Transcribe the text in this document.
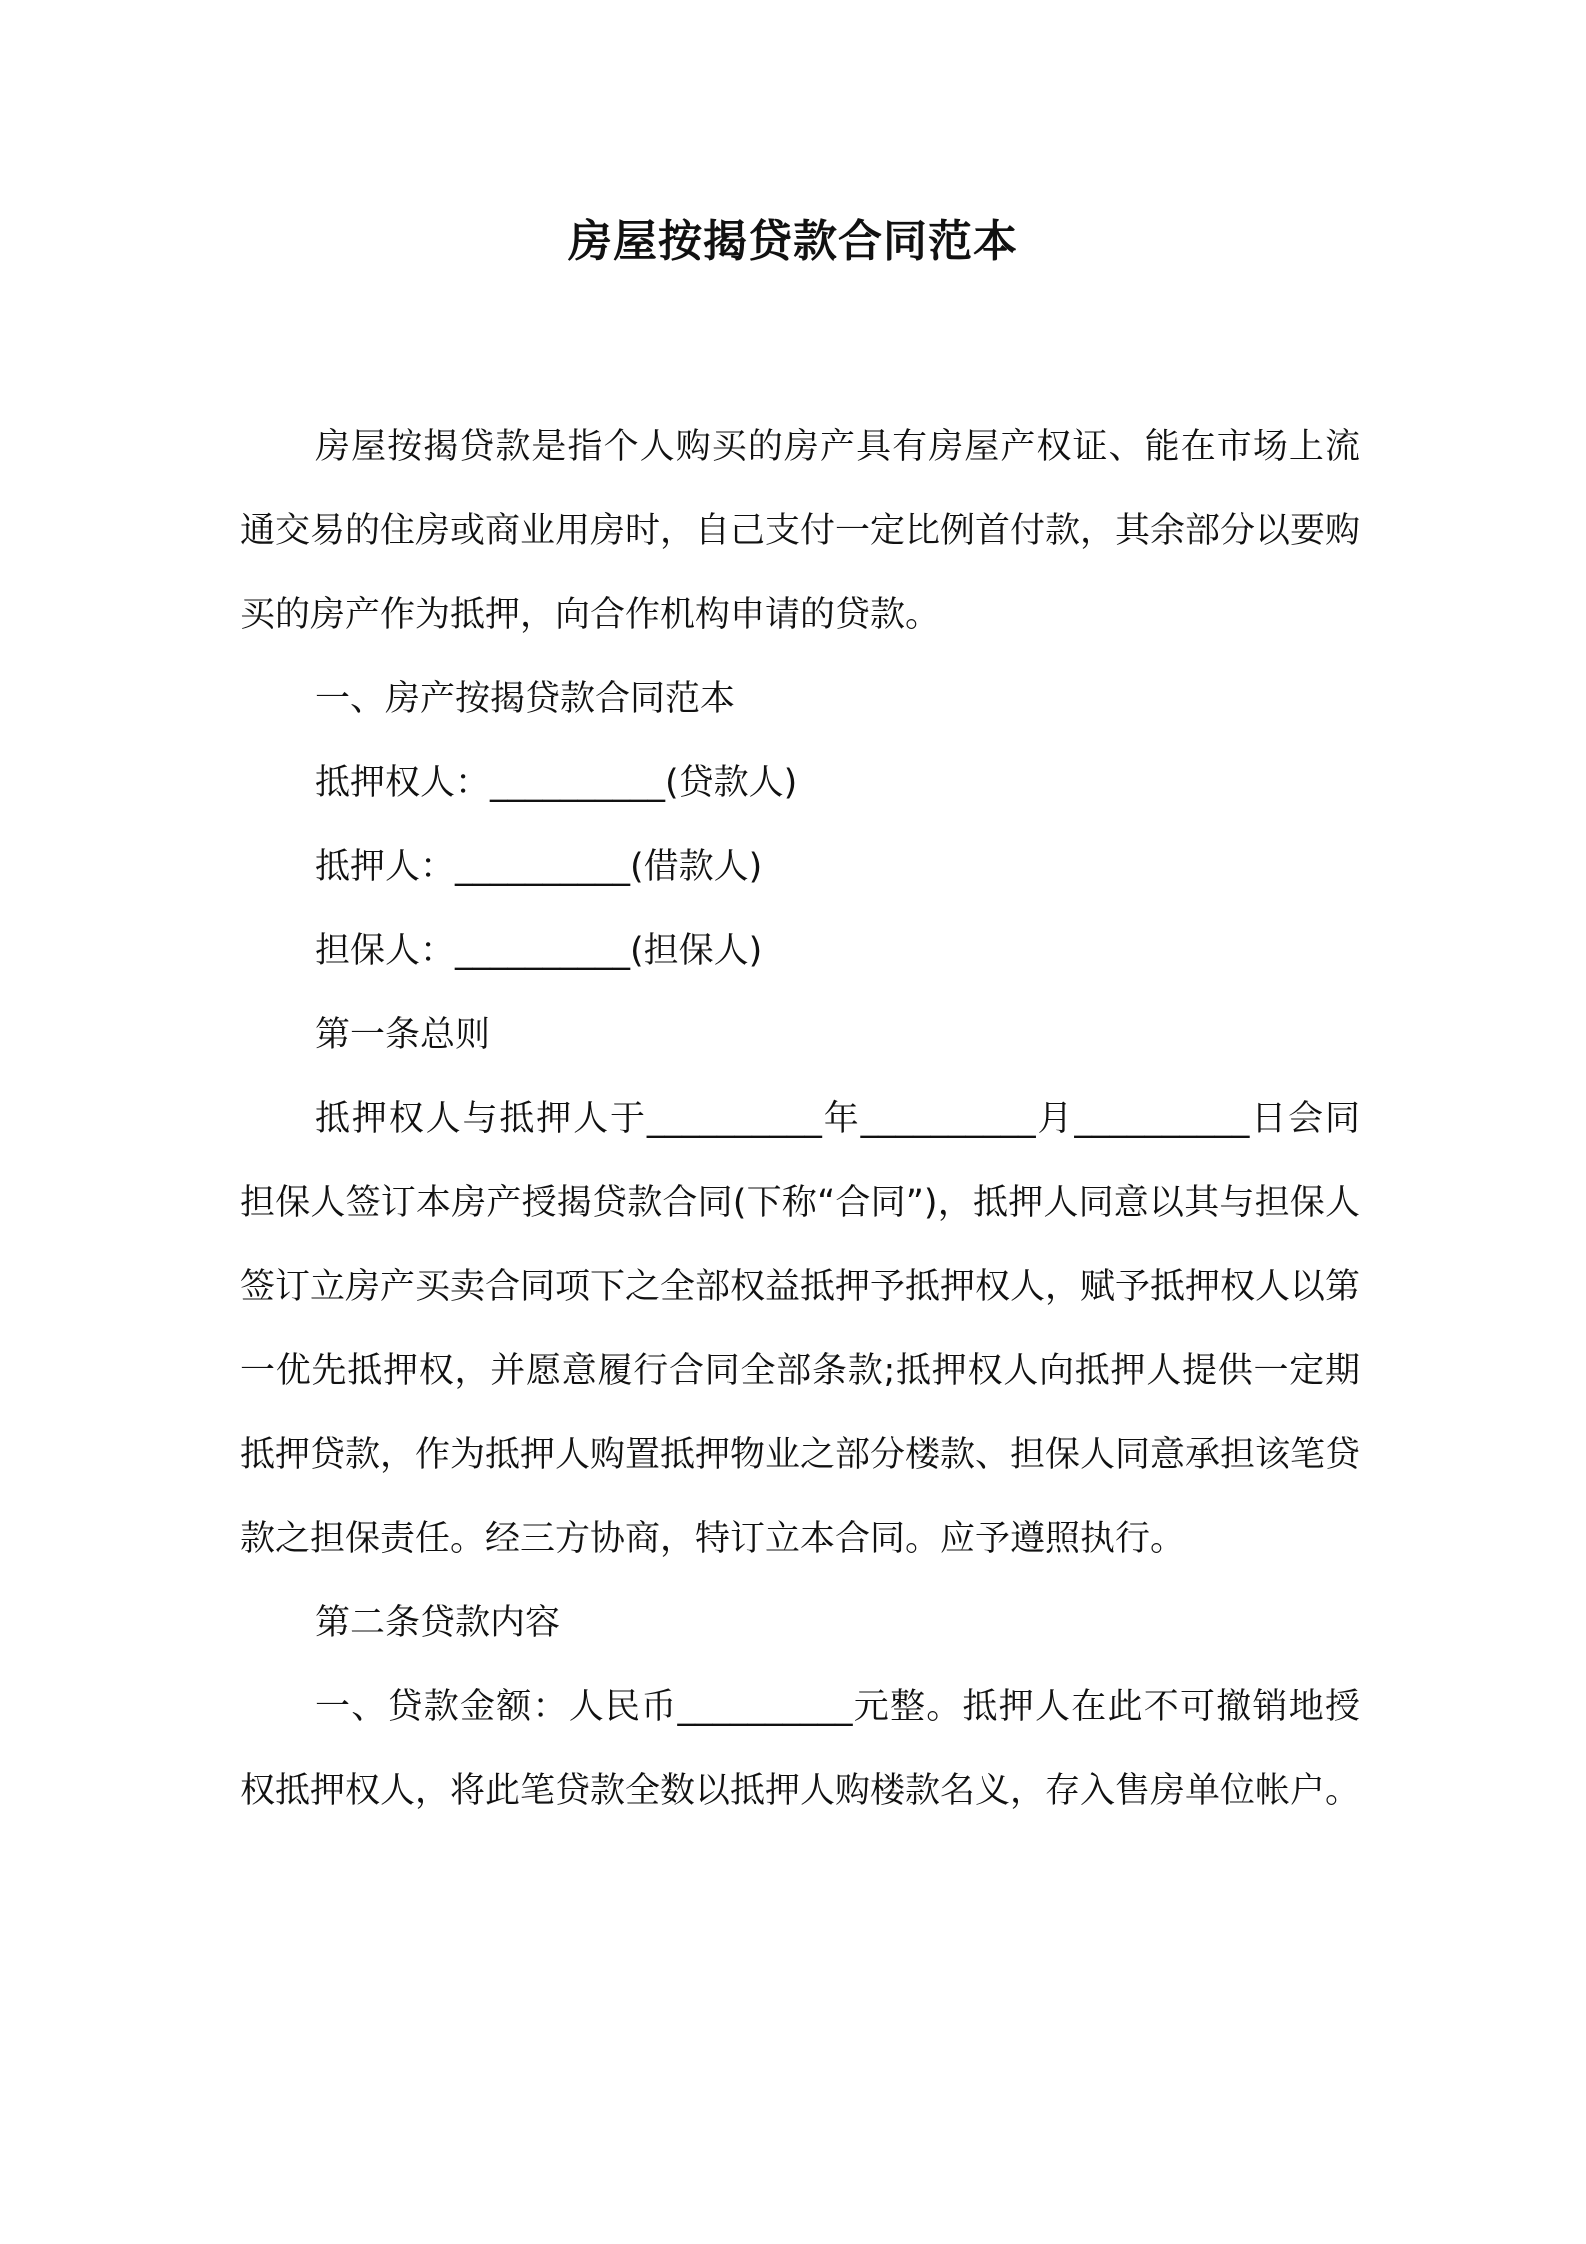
房屋按揭贷款合同范本

房屋按揭贷款是指个人购买的房产具有房屋产权证、能在市场上流通交易的住房或商业用房时，自己支付一定比例首付款，其余部分以要购买的房产作为抵押，向合作机构申请的贷款。

一、房产按揭贷款合同范本

抵押权人：__________(贷款人)

抵押人：__________(借款人)

担保人：__________(担保人)

第一条总则

抵押权人与抵押人于__________年__________月__________日会同担保人签订本房产授揭贷款合同(下称“合同”)，抵押人同意以其与担保人签订立房产买卖合同项下之全部权益抵押予抵押权人，赋予抵押权人以第一优先抵押权，并愿意履行合同全部条款;抵押权人向抵押人提供一定期抵押贷款，作为抵押人购置抵押物业之部分楼款、担保人同意承担该笔贷款之担保责任。经三方协商，特订立本合同。应予遵照执行。

第二条贷款内容

一、贷款金额：人民币__________元整。抵押人在此不可撤销地授权抵押权人，将此笔贷款全数以抵押人购楼款名义，存入售房单位帐户。
